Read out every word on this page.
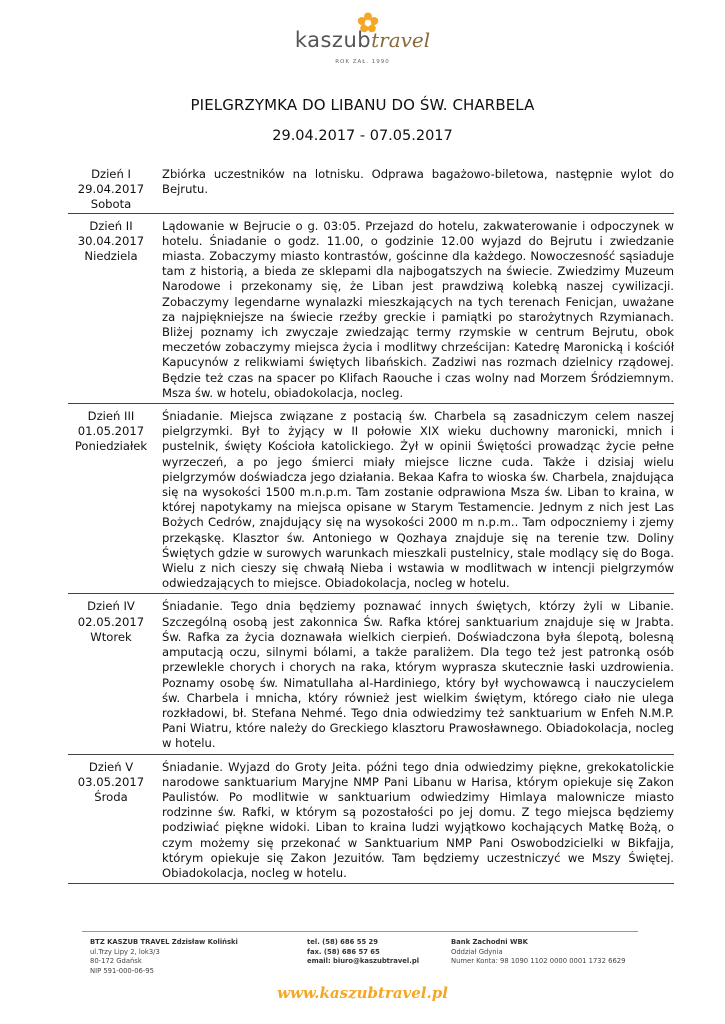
kaszubtravel
ROK ZAŁ. 1990
PIELGRZYMKA DO LIBANU DO ŚW. CHARBELA
29.04.2017 - 07.05.2017
Dzień I
29.04.2017
Sobota
Zbiórka uczestników na lotnisku. Odprawa bagażowo-biletowa, następnie wylot do Bejrutu.
Dzień II
30.04.2017
Niedziela
Lądowanie w Bejrucie o g. 03:05. Przejazd do hotelu, zakwaterowanie i odpoczynek w hotelu. Śniadanie o godz. 11.00, o godzinie 12.00 wyjazd do Bejrutu i zwiedzanie miasta. Zobaczymy miasto kontrastów, gościnne dla każdego. Nowoczesność sąsiaduje tam z historią, a bieda ze sklepami dla najbogatszych na świecie. Zwiedzimy Muzeum Narodowe i przekonamy się, że Liban jest prawdziwą kolebką naszej cywilizacji. Zobaczymy legendarne wynalazki mieszkających na tych terenach Fenicjan, uważane za najpiękniejsze na świecie rzeźby greckie i pamiątki po starożytnych Rzymianach. Bliżej poznamy ich zwyczaje zwiedzając termy rzymskie w centrum Bejrutu, obok meczetów zobaczymy miejsca życia i modlitwy chrześcijan: Katedrę Maronicką i kościół Kapucynów z relikwiami świętych libańskich. Zadziwi nas rozmach dzielnicy rządowej. Będzie też czas na spacer po Klifach Raouche i czas wolny nad Morzem Śródziemnym. Msza św. w hotelu, obiadokolacja, nocleg.
Dzień III
01.05.2017
Poniedziałek
Śniadanie. Miejsca związane z postacią św. Charbela są zasadniczym celem naszej pielgrzymki. Był to żyjący w II połowie XIX wieku duchowny maronicki, mnich i pustelnik, święty Kościoła katolickiego. Żył w opinii Świętości prowadząc życie pełne wyrzeczeń, a po jego śmierci miały miejsce liczne cuda. Także i dzisiaj wielu pielgrzymów doświadcza jego działania. Bekaa Kafra to wioska św. Charbela, znajdująca się na wysokości 1500 m.n.p.m. Tam zostanie odprawiona Msza św. Liban to kraina, w której napotykamy na miejsca opisane w Starym Testamencie. Jednym z nich jest Las Bożych Cedrów, znajdujący się na wysokości 2000 m n.p.m.. Tam odpoczniemy i zjemy przekąskę. Klasztor św. Antoniego w Qozhaya znajduje się na terenie tzw. Doliny Świętych gdzie w surowych warunkach mieszkali pustelnicy, stale modlący się do Boga. Wielu z nich cieszy się chwałą Nieba i wstawia w modlitwach w intencji pielgrzymów odwiedzających to miejsce. Obiadokolacja, nocleg w hotelu.
Dzień IV
02.05.2017
Wtorek
Śniadanie. Tego dnia będziemy poznawać innych świętych, którzy żyli w Libanie. Szczególną osobą jest zakonnica Św. Rafka której sanktuarium znajduje się w Jrabta. Św. Rafka za życia doznawała wielkich cierpień. Doświadczona była ślepotą, bolesną amputacją oczu, silnymi bólami, a także paraliżem. Dla tego też jest patronką osób przewlekle chorych i chorych na raka, którym wyprasza skutecznie łaski uzdrowienia. Poznamy osobę św. Nimatullaha al-Hardiniego, który był wychowawcą i nauczycielem św. Charbela i mnicha, który również jest wielkim świętym, którego ciało nie ulega rozkładowi, bł. Stefana Nehmé. Tego dnia odwiedzimy też sanktuarium w Enfeh N.M.P. Pani Wiatru, które należy do Greckiego klasztoru Prawosławnego. Obiadokolacja, nocleg w hotelu.
Dzień V
03.05.2017
Środa
Śniadanie. Wyjazd do Groty Jeita. późni tego dnia odwiedzimy piękne, grekokatolickie narodowe sanktuarium Maryjne NMP Pani Libanu w Harisa, którym opiekuje się Zakon Paulistów. Po modlitwie w sanktuarium odwiedzimy Himlaya malownicze miasto rodzinne św. Rafki, w którym są pozostałości po jej domu. Z tego miejsca będziemy podziwiać piękne widoki. Liban to kraina ludzi wyjątkowo kochających Matkę Bożą, o czym możemy się przekonać w Sanktuarium NMP Pani Oswobodzicielki w Bikfajja, którym opiekuje się Zakon Jezuitów. Tam będziemy uczestniczyć we Mszy Świętej. Obiadokolacja, nocleg w hotelu.
BTZ KASZUB TRAVEL Zdzisław Koliński
ul.Trzy Lipy 2, lok3/3
80-172 Gdańsk
NIP 591-000-06-95
tel. (58) 686 55 29
fax. (58) 686 57 65
email: biuro@kaszubtravel.pl
Bank Zachodni WBK
Oddział Gdynia
Numer Konta: 98 1090 1102 0000 0001 1732 6629
www.kaszubtravel.pl
